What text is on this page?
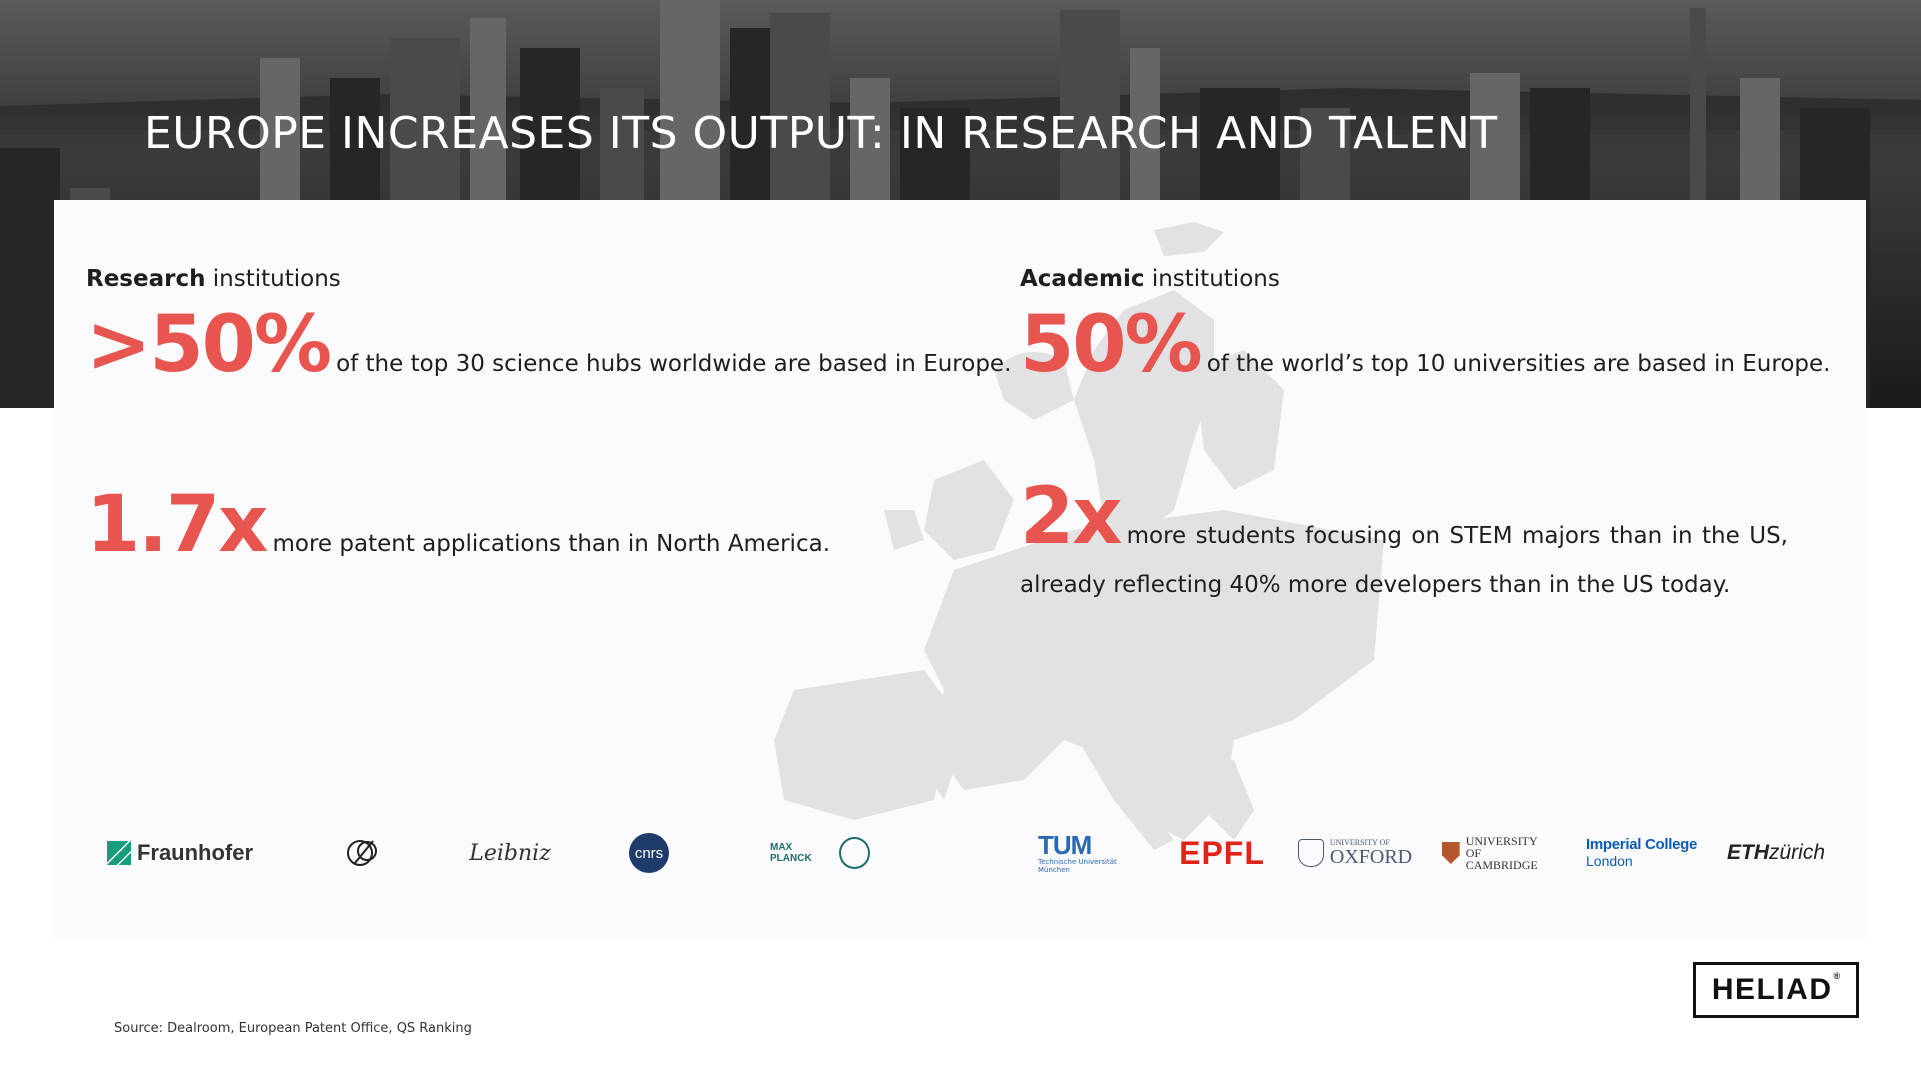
EUROPE INCREASES ITS OUTPUT: IN RESEARCH AND TALENT
Research institutions
>50% of the top 30 science hubs worldwide are based in Europe.
1.7x more patent applications than in North America.
Academic institutions
50% of the world’s top 10 universities are based in Europe.
2x more students focusing on STEM majors than in the US, already reflecting 40% more developers than in the US today.
Fraunhofer	Leibniz	cnrs	MAX PLANCK	TUM
Technische Universität München	EPFL	UNIVERSITY OF
OXFORD
UNIVERSITY OF
CAMBRIDGE
Imperial College
London	ETH zürich
Source: Dealroom, European Patent Office, QS Ranking
HELIAD®
